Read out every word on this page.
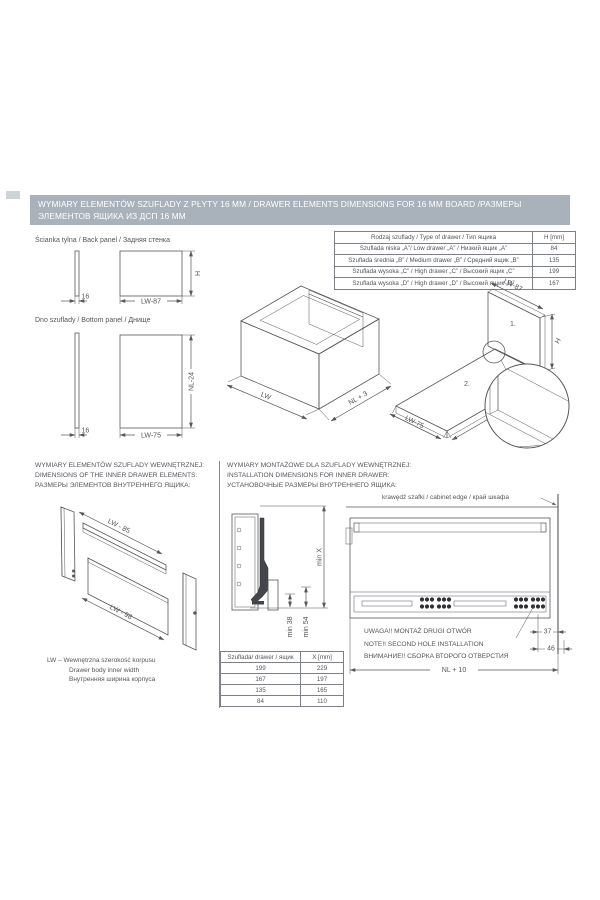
WYMIARY ELEMENTÓW SZUFLADY Z PŁYTY 16 MM / DRAWER ELEMENTS DIMENSIONS FOR 16 MM BOARD /РАЗМЕРЫ ЭЛЕМЕНТОВ ЯЩИКА ИЗ ДСП 16 ММ
Rodzaj szuflady / Type of drawer / Тип ящика	H [mm]
Szuflada niska „A”/ Low drawer „A” / Низкий ящик „A”	84
Szuflada średnia „B” / Medium drawer „B” / Средний ящик „B”	135
Szuflada wysoka „C” / High drawer „C” / Высокий ящик „C”	199
Szuflada wysoka „D” / High drawer „D” / Высокий ящик „D”	167
Ścianka tylna / Back panel / Задняя стенка
16
H
LW-87
Dno szuflady / Bottom panel / Днище
16
NL-24
LW-75
LW	NL + 3
1.
2.
LW-87
H
LW-75
WYMIARY ELEMENTÓW SZUFLADY WEWNĘTRZNEJ:
DIMENSIONS OF THE INNER DRAWER ELEMENTS:
РАЗМЕРЫ ЭЛЕМЕНТОВ ВНУТРЕННЕГО ЯЩИКА:
WYMIARY MONTAŻOWE DLA SZUFLADY WEWNĘTRZNEJ:
INSTALLATION DIMENSIONS FOR INNER DRAWER:
УСТАНОВОЧНЫЕ РАЗМЕРЫ ВНУТРЕННЕГО ЯЩИКА:
LW - 85
LW - 98
LW – Wewnętrzna szerokość korpusu
Drawer body inner width
Внутренняя ширина корпуса
min X
min 38 min 54
Szuflada/ drawer / ящик	X [mm]
199	229
167	197
135	165
84	110
37
46
NL + 10
krawędź szafki / cabinet edge / край шкафа
UWAGA!! MONTAŻ DRUGI OTWÓR
NOTE!! SECOND HOLE INSTALLATION
ВНИМАНИЕ!! СБОРКА ВТОРОГО ОТВЕРСТИЯ
